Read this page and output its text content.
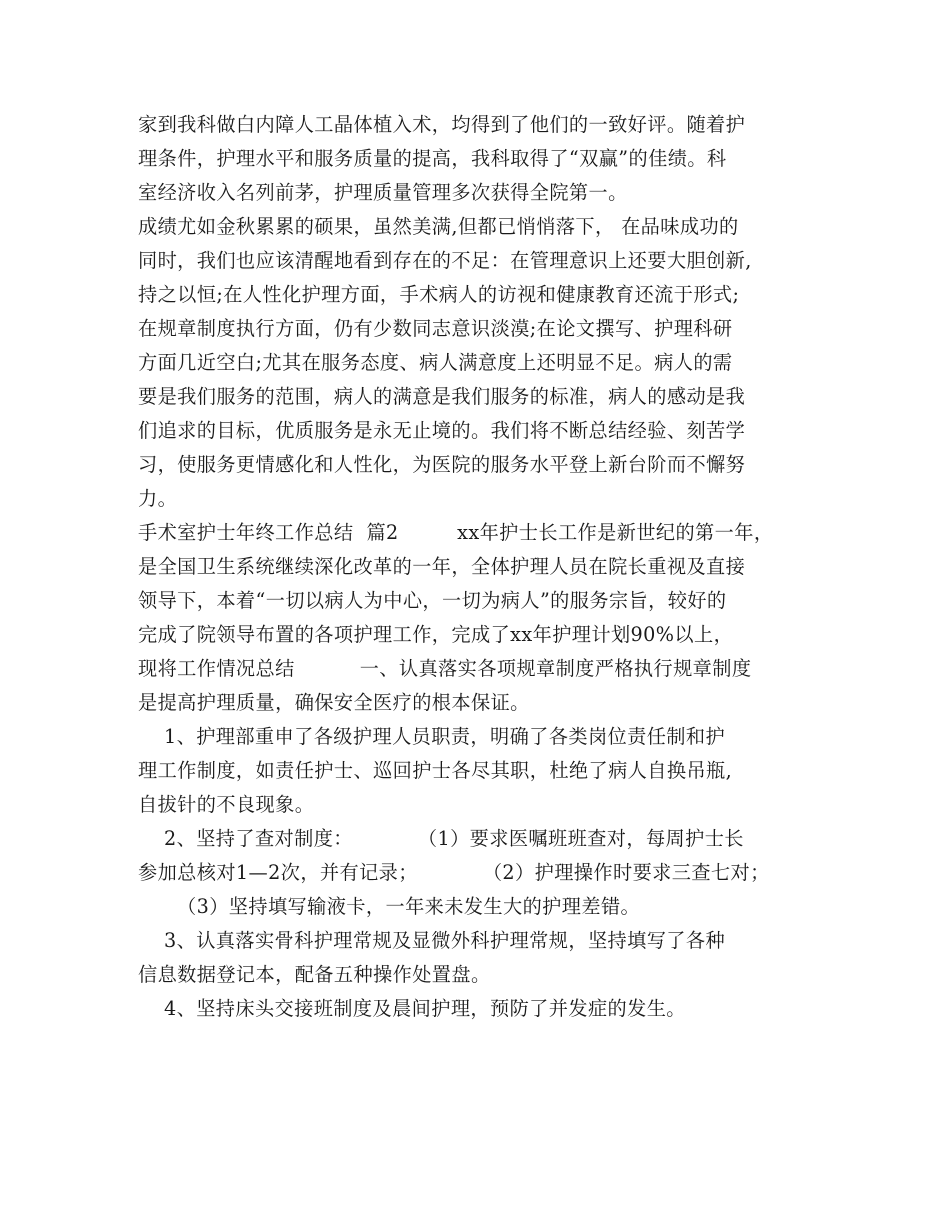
家到我科做白内障人工晶体植入术，均得到了他们的一致好评。随着护
理条件，护理水平和服务质量的提高，我科取得了“双赢”的佳绩。科
室经济收入名列前茅，护理质量管理多次获得全院第一。
成绩尤如金秋累累的硕果，虽然美满,但都已悄悄落下， 在品味成功的
同时，我们也应该清醒地看到存在的不足：在管理意识上还要大胆创新,
持之以恒;在人性化护理方面，手术病人的访视和健康教育还流于形式;
在规章制度执行方面，仍有少数同志意识淡漠;在论文撰写、护理科研
方面几近空白;尤其在服务态度、病人满意度上还明显不足。病人的需
要是我们服务的范围，病人的满意是我们服务的标准，病人的感动是我
们追求的目标，优质服务是永无止境的。我们将不断总结经验、刻苦学
习，使服务更情感化和人性化，为医院的服务水平登上新台阶而不懈努
力。
手术室护士年终工作总结  篇2         xx年护士长工作是新世纪的第一年，
是全国卫生系统继续深化改革的一年，全体护理人员在院长重视及直接
领导下，本着“一切以病人为中心，一切为病人”的服务宗旨，较好的
完成了院领导布置的各项护理工作，完成了xx年护理计划90%以上，
现将工作情况总结          一、认真落实各项规章制度严格执行规章制度
是提高护理质量，确保安全医疗的根本保证。
1、护理部重申了各级护理人员职责，明确了各类岗位责任制和护
理工作制度，如责任护士、巡回护士各尽其职，杜绝了病人自换吊瓶,
自拔针的不良现象。
2、坚持了查对制度：          （1）要求医嘱班班查对，每周护士长
参加总核对1—2次，并有记录；          （2）护理操作时要求三查七对；
（3）坚持填写输液卡，一年来未发生大的护理差错。
3、认真落实骨科护理常规及显微外科护理常规，坚持填写了各种
信息数据登记本，配备五种操作处置盘。
4、坚持床头交接班制度及晨间护理，预防了并发症的发生。
